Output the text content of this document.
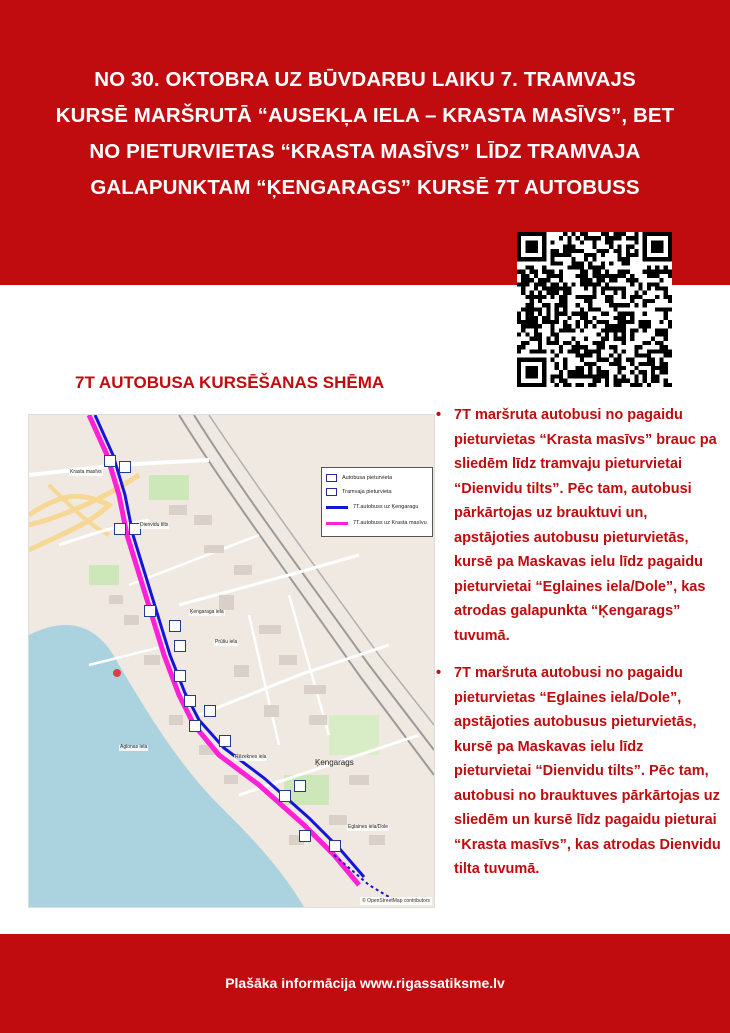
NO 30. OKTOBRA UZ BŪVDARBU LAIKU 7. TRAMVAJS
KURSĒ MARŠRUTĀ “AUSEKĻA IELA – KRASTA MASĪVS”, BET
NO PIETURVIETAS “KRASTA MASĪVS” LĪDZ TRAMVAJA
GALAPUNKTAM “ĶENGARAGS” KURSĒ 7T AUTOBUSS
7T AUTOBUSA KURSĒŠANAS SHĒMA
Autobusa pieturvieta
Tramvaja pieturvieta
7T.autobuss uz Ķengaragu
7T.autobuss uz Krasta masīvu
Krasta masīvs
Dienvidu tilts
Ķengaraga iela
Prūšu iela
Aglonas iela
Rēzeknes iela
Eglaines iela/Dole
Ķengarags
© OpenStreetMap contributors
• 7T maršruta autobusi no pagaidu pieturvietas “Krasta masīvs” brauc pa sliedēm līdz tramvaju pieturvietai “Dienvidu tilts”. Pēc tam, autobusi pārkārtojas uz brauktuvi un, apstājoties autobusu pieturvietās, kursē pa Maskavas ielu līdz pagaidu pieturvietai “Eglaines iela/Dole”, kas atrodas galapunkta “Ķengarags” tuvumā.
• 7T maršruta autobusi no pagaidu pieturvietas “Eglaines iela/Dole”, apstājoties autobusus pieturvietās, kursē pa Maskavas ielu līdz pieturvietai “Dienvidu tilts”. Pēc tam, autobusi no brauktuves pārkārtojas uz sliedēm un kursē līdz pagaidu pieturai “Krasta masīvs”, kas atrodas Dienvidu tilta tuvumā.

Plašāka informācija www.rigassatiksme.lv
